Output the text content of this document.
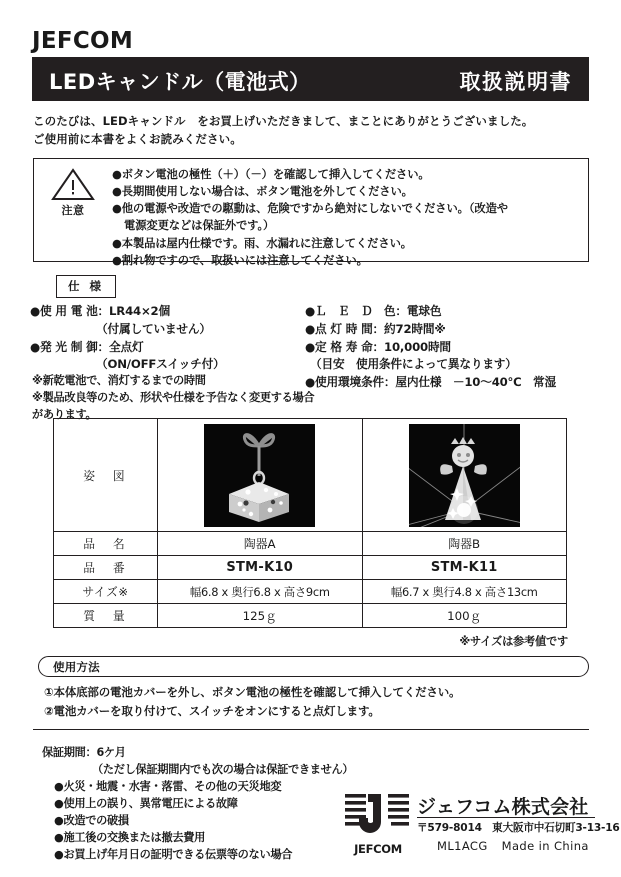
JEFCOM
LEDキャンドル（電池式）	取扱説明書
このたびは、LEDキャンドル　をお買上げいただきまして、まことにありがとうございました。
ご使用前に本書をよくお読みください。
注意
●ボタン電池の極性（＋）（－）を確認して挿入してください。
●長期間使用しない場合は、ボタン電池を外してください。
●他の電源や改造での駆動は、危険ですから絶対にしないでください。（改造や
電源変更などは保証外です。）
●本製品は屋内仕様です。雨、水漏れに注意してください。
●割れ物ですので、取扱いには注意してください。
仕 様
●使 用 電 池：LR44×2個
（付属していません）
●発 光 制 御：全点灯
（ON/OFFスイッチ付）
●Ｌ　Ｅ　Ｄ　色：電球色
●点 灯 時 間：約72時間※
●定 格 寿 命：10,000時間
（目安　使用条件によって異なります）
●使用環境条件：屋内仕様　－10〜40℃　常湿
※新乾電池で、消灯するまでの時間
※製品改良等のため、形状や仕様を予告なく変更する場合があります。
姿　図	

品　名	陶器A	陶器B
品　番	STM-K10	STM-K11
サイズ※	幅6.8 x 奥行6.8 x 高さ9cm	幅6.7 x 奥行4.8 x 高さ13cm
質　量	125ｇ	100ｇ
※サイズは参考値です
使用方法
①本体底部の電池カバーを外し、ボタン電池の極性を確認して挿入してください。
②電池カバーを取り付けて、スイッチをオンにすると点灯します。
保証期間：6ケ月
（ただし保証期間内でも次の場合は保証できません）
●火災・地震・水害・落雷、その他の天災地変
●使用上の誤り、異常電圧による故障
●改造での破損
●施工後の交換または撤去費用
●お買上げ年月日の証明できる伝票等のない場合	JEFCOM
ジェフコム株式会社
〒579-8014　東大阪市中石切町3-13-16
ML1ACG Made in China
